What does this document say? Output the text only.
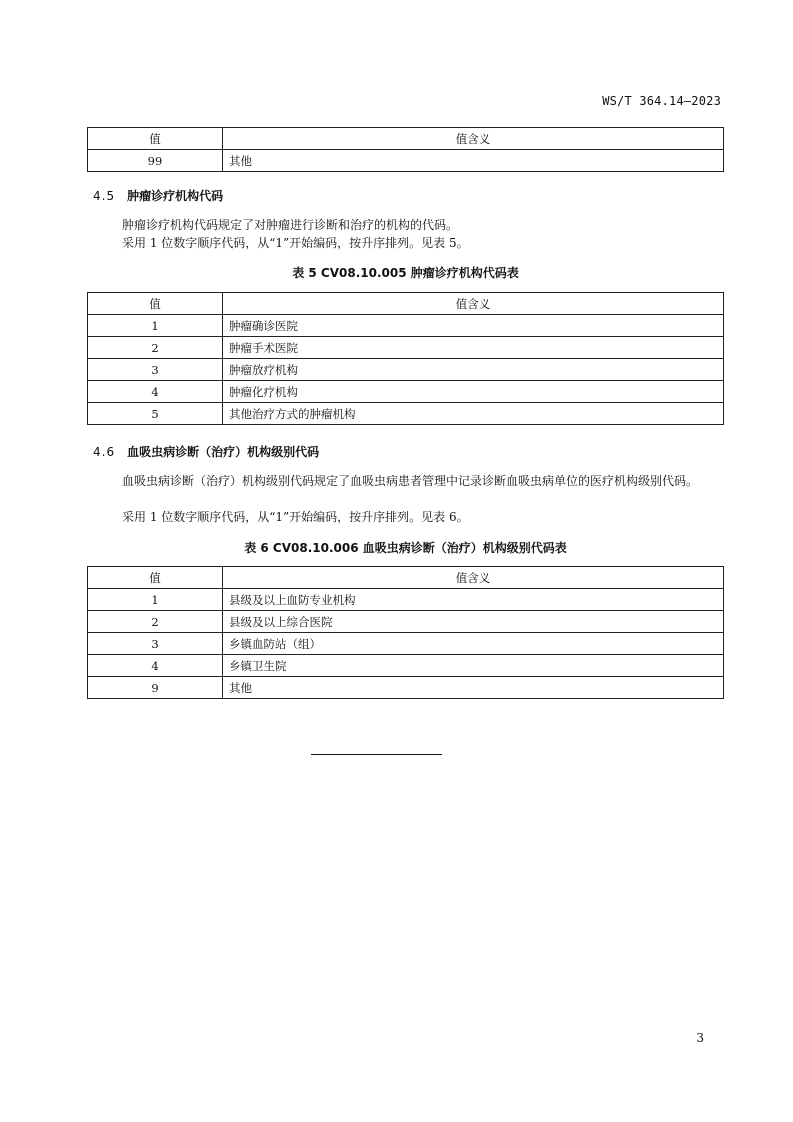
WS/T 364.14—2023
值	值含义
99	其他
4.5 肿瘤诊疗机构代码
肿瘤诊疗机构代码规定了对肿瘤进行诊断和治疗的机构的代码。
采用 1 位数字顺序代码，从“1”开始编码，按升序排列。见表 5。
表 5 CV08.10.005 肿瘤诊疗机构代码表
值	值含义
1	肿瘤确诊医院
2	肿瘤手术医院
3	肿瘤放疗机构
4	肿瘤化疗机构
5	其他治疗方式的肿瘤机构
4.6 血吸虫病诊断（治疗）机构级别代码
血吸虫病诊断（治疗）机构级别代码规定了血吸虫病患者管理中记录诊断血吸虫病单位的医疗机构级别代码。
采用 1 位数字顺序代码，从“1”开始编码，按升序排列。见表 6。
表 6 CV08.10.006 血吸虫病诊断（治疗）机构级别代码表
值	值含义
1	县级及以上血防专业机构
2	县级及以上综合医院
3	乡镇血防站（组）
4	乡镇卫生院
9	其他
3
